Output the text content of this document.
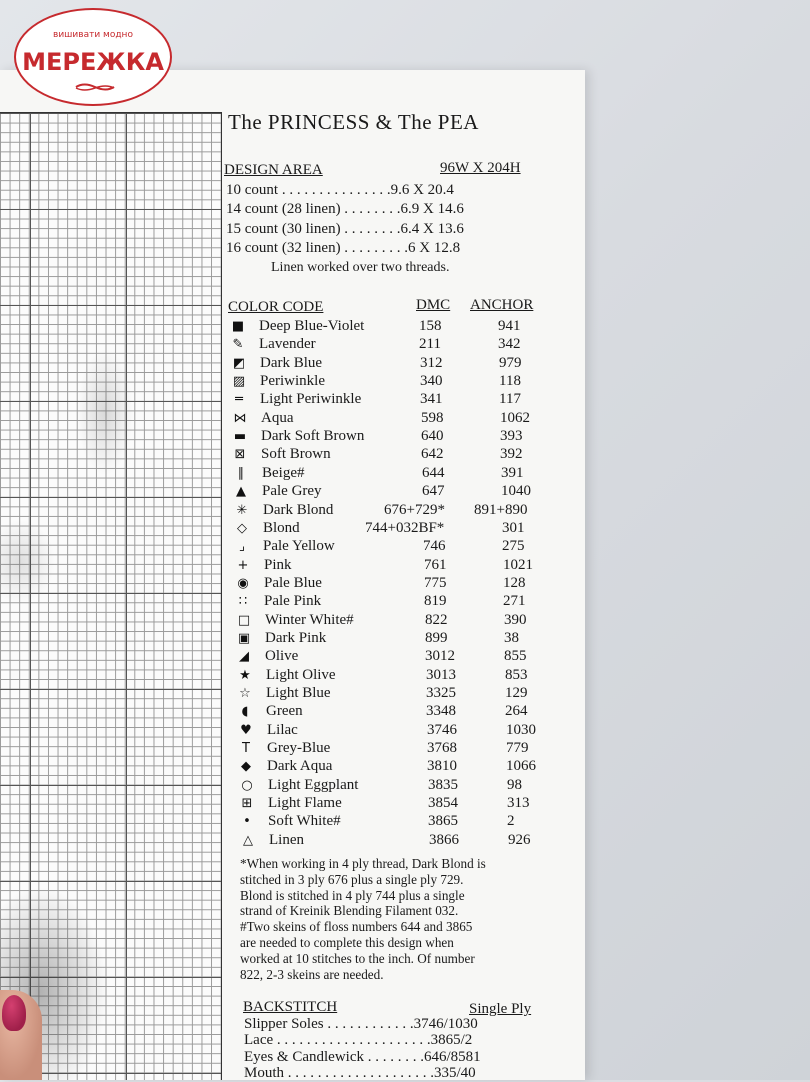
вишивати модно
МЕРЕЖКА
The PRINCESS & The PEA
DESIGN AREA	96W X 204H
10 count . . . . . . . . . . . . . . .9.6 X 20.4
14 count (28 linen) . . . . . . . .6.9 X 14.6
15 count (30 linen) . . . . . . . .6.4 X 13.6
16 count (32 linen) . . . . . . . . .6 X 12.8
Linen worked over two threads.
COLOR CODE	DMC ANCHOR
■ Deep Blue-Violet	158	941
✎ Lavender	211	342
◩ Dark Blue	312	979
▨ Periwinkle	340	118
═ Light Periwinkle	341	117
⋈ Aqua	598	1062
▬ Dark Soft Brown	640	393
⊠ Soft Brown	642	392
∥ Beige#	644	391
▲ Pale Grey	647	1040
✳ Dark Blond	676+729* 891+890
◇ Blond	744+032BF*	301
⌟ Pale Yellow	746	275
+ Pink	761	1021
◉ Pale Blue	775	128
∷ Pale Pink	819	271
□ Winter White#	822	390
▣ Dark Pink	899	38
◢ Olive	3012	855
★ Light Olive	3013	853
☆ Light Blue	3325	129
◖ Green	3348	264
♥ Lilac	3746	1030
T Grey-Blue	3768	779
◆ Dark Aqua	3810	1066
○ Light Eggplant	3835	98
⊞ Light Flame	3854	313
• Soft White#	3865	2
△ Linen	3866	926
*When working in 4 ply thread, Dark Blond is
stitched in 3 ply 676 plus a single ply 729.
Blond is stitched in 4 ply 744 plus a single
strand of Kreinik Blending Filament 032.
#Two skeins of floss numbers 644 and 3865
are needed to complete this design when
worked at 10 stitches to the inch. Of number
822, 2-3 skeins are needed.
BACKSTITCH	Single Ply
Slipper Soles . . . . . . . . . . . .3746/1030
Lace . . . . . . . . . . . . . . . . . . . . .3865/2
Eyes & Candlewick . . . . . . . .646/8581
Mouth . . . . . . . . . . . . . . . . . . . .335/40
